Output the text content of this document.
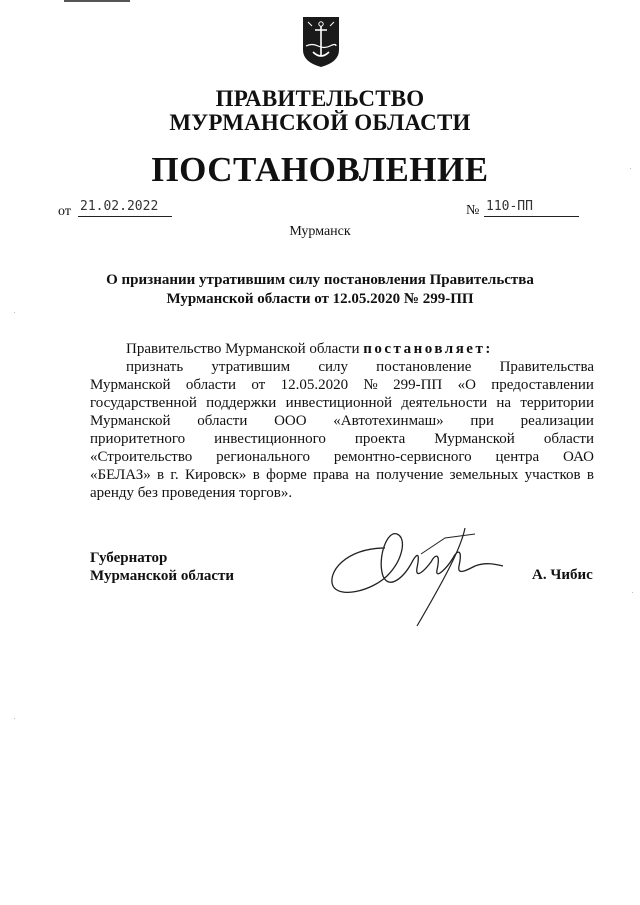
ПРАВИТЕЛЬСТВО
МУРМАНСКОЙ ОБЛАСТИ
ПОСТАНОВЛЕНИЕ
от 21.02.2022	№ 110-ПП
Мурманск
О признании утратившим силу постановления Правительства
Мурманской области от 12.05.2020 № 299-ПП
Правительство Мурманской области постановляет:
признать утратившим силу постановление Правительства
Мурманской области от 12.05.2020 № 299-ПП «О предоставлении
государственной поддержки инвестиционной деятельности на территории
Мурманской области ООО «Автотехинмаш» при реализации
приоритетного инвестиционного проекта Мурманской области
«Строительство регионального ремонтно-сервисного центра ОАО
«БЕЛАЗ» в г. Кировск» в форме права на получение земельных участков в
аренду без проведения торгов».
Губернатор
Мурманской области	А. Чибис
